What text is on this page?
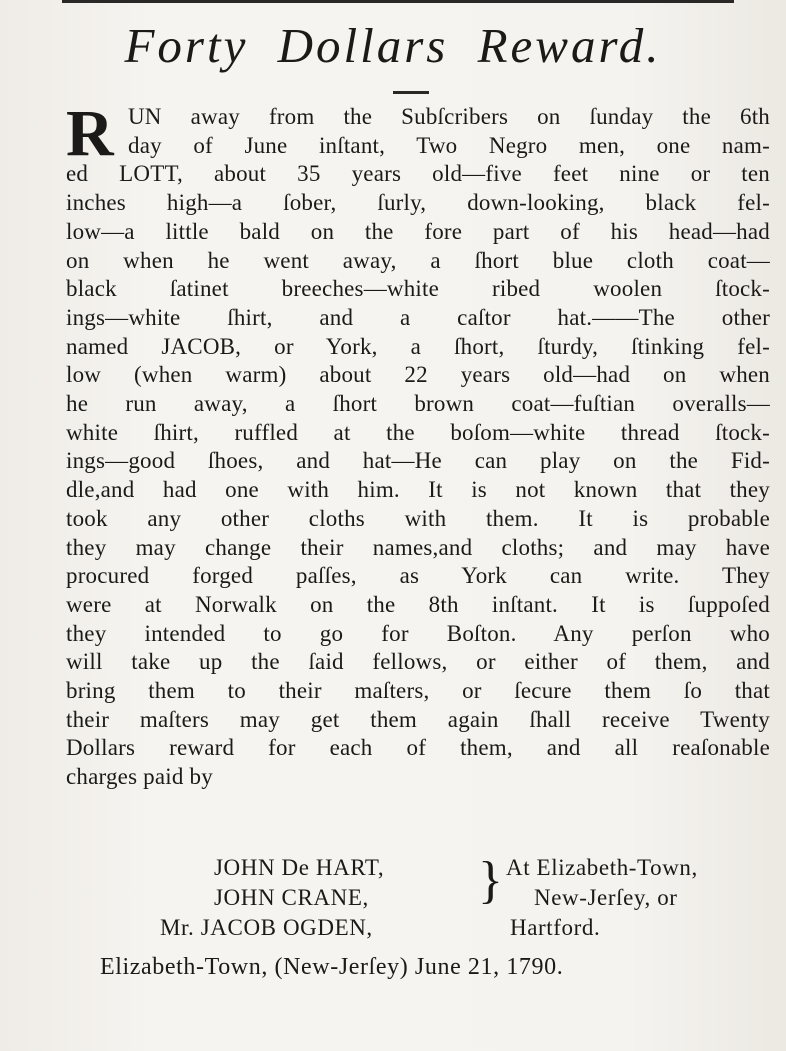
Forty Dollars Reward.
R UN away from the Subſcribers on ſunday the 6th
day of June inſtant, Two Negro men, one nam-
ed LOTT, about 35 years old—five feet nine or ten
inches high—a ſober, ſurly, down-looking, black fel-
low—a little bald on the fore part of his head—had
on when he went away, a ſhort blue cloth coat—
black ſatinet breeches—white ribed woolen ſtock-
ings—white ſhirt, and a caſtor hat.——The other
named JACOB, or York, a ſhort, ſturdy, ſtinking fel-
low (when warm) about 22 years old—had on when
he run away, a ſhort brown coat—fuſtian overalls—
white ſhirt, ruffled at the boſom—white thread ſtock-
ings—good ſhoes, and hat—He can play on the Fid-
dle,and had one with him. It is not known that they
took any other cloths with them. It is probable
they may change their names,and cloths; and may have
procured forged paſſes, as York can write. They
were at Norwalk on the 8th inſtant. It is ſuppoſed
they intended to go for Boſton. Any perſon who
will take up the ſaid fellows, or either of them, and
bring them to their maſters, or ſecure them ſo that
their maſters may get them again ſhall receive Twenty
Dollars reward for each of them, and all reaſonable
charges paid by
JOHN De HART,
JOHN CRANE,
Mr. JACOB OGDEN,
} At Elizabeth-Town,
New-Jerſey, or
Hartford.
Elizabeth-Town, (New-Jerſey) June 21, 1790.
